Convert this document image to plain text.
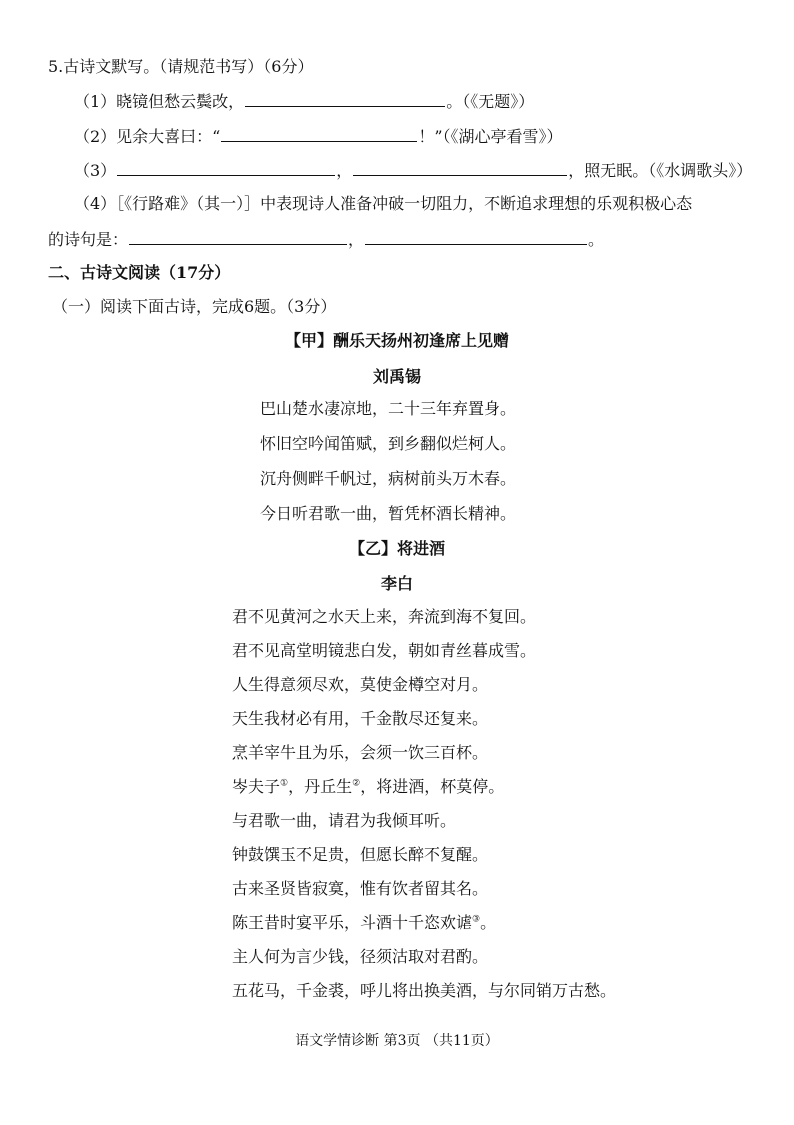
5.古诗文默写。（请规范书写）（6分）
（1）晓镜但愁云鬓改，	。（《无题》）
（2）见余大喜曰：“	！”（《湖心亭看雪》）
（3）	，	，照无眠。（《水调歌头》）
（4）［《行路难》（其一）］中表现诗人准备冲破一切阻力，不断追求理想的乐观积极心态
的诗句是：	，	。
二、古诗文阅读（17分）
（一）阅读下面古诗，完成6题。（3分）
【甲】酬乐天扬州初逢席上见赠
刘禹锡
巴山楚水凄凉地，二十三年弃置身。
怀旧空吟闻笛赋，到乡翻似烂柯人。
沉舟侧畔千帆过，病树前头万木春。
今日听君歌一曲，暂凭杯酒长精神。
【乙】将进酒
李白
君不见黄河之水天上来，奔流到海不复回。
君不见高堂明镜悲白发，朝如青丝暮成雪。
人生得意须尽欢，莫使金樽空对月。
天生我材必有用，千金散尽还复来。
烹羊宰牛且为乐，会须一饮三百杯。
岑夫子①，丹丘生②，将进酒，杯莫停。
与君歌一曲，请君为我倾耳听。
钟鼓馔玉不足贵，但愿长醉不复醒。
古来圣贤皆寂寞，惟有饮者留其名。
陈王昔时宴平乐，斗酒十千恣欢谑③。
主人何为言少钱，径须沽取对君酌。
五花马，千金裘，呼儿将出换美酒，与尔同销万古愁。
语文学情诊断 第3页 （共11页）
